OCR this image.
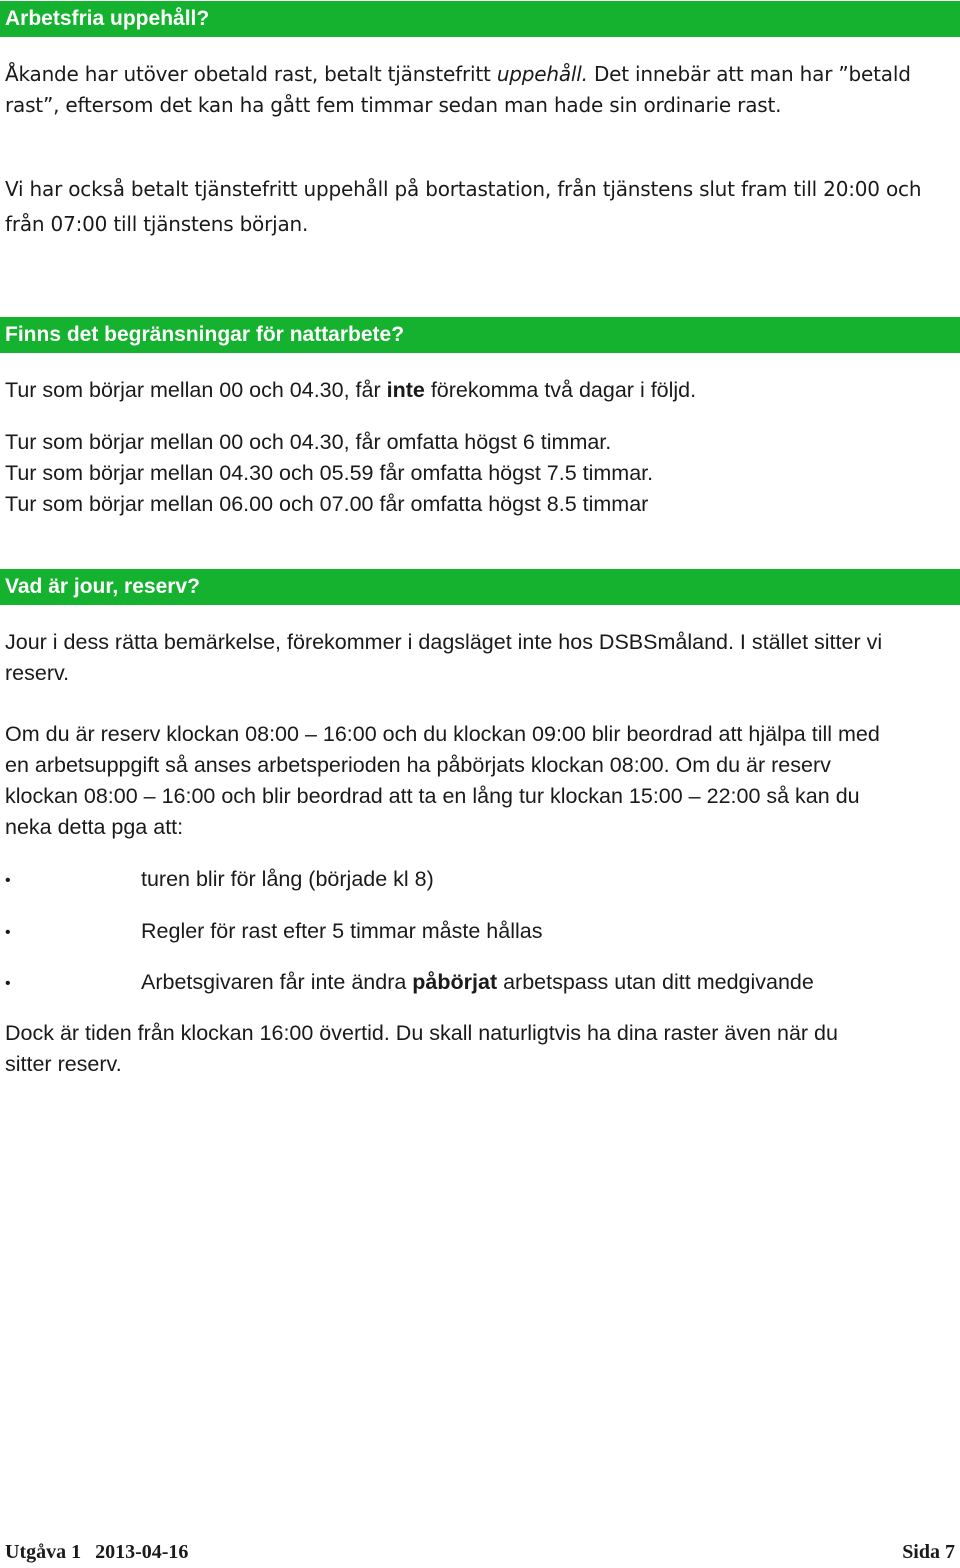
Arbetsfria uppehåll?
Åkande har utöver obetald rast, betalt tjänstefritt uppehåll. Det innebär att man har ”betald
rast”, eftersom det kan ha gått fem timmar sedan man hade sin ordinarie rast.
Vi har också betalt tjänstefritt uppehåll på bortastation, från tjänstens slut fram till 20:00 och
från 07:00 till tjänstens början.
Finns det begränsningar för nattarbete?
Tur som börjar mellan 00 och 04.30, får inte förekomma två dagar i följd.
Tur som börjar mellan 00 och 04.30, får omfatta högst 6 timmar.
Tur som börjar mellan 04.30 och 05.59 får omfatta högst 7.5 timmar.
Tur som börjar mellan 06.00 och 07.00 får omfatta högst 8.5 timmar
Vad är jour, reserv?
Jour i dess rätta bemärkelse, förekommer i dagsläget inte hos DSBSmåland. I stället sitter vi
reserv.
Om du är reserv klockan 08:00 – 16:00 och du klockan 09:00 blir beordrad att hjälpa till med
en arbetsuppgift så anses arbetsperioden ha påbörjats klockan 08:00. Om du är reserv
klockan 08:00 – 16:00 och blir beordrad att ta en lång tur klockan 15:00 – 22:00 så kan du
neka detta pga att:
•	turen blir för lång (började kl 8)
•	Regler för rast efter 5 timmar måste hållas
•	Arbetsgivaren får inte ändra påbörjat arbetspass utan ditt medgivande
Dock är tiden från klockan 16:00 övertid. Du skall naturligtvis ha dina raster även när du
sitter reserv.
Utgåva 1 2013-04-16	Sida 7
